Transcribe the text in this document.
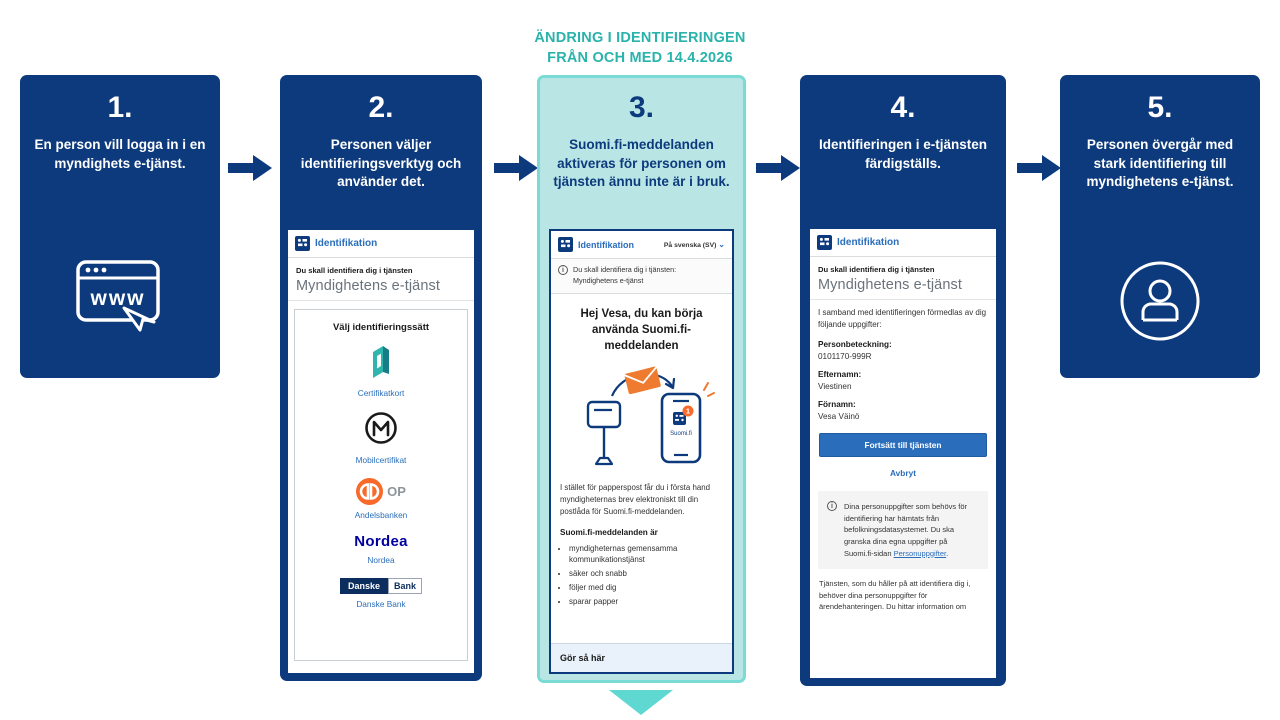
ÄNDRING I IDENTIFIERINGEN
FRÅN OCH MED 14.4.2026
1.
En person vill logga in i en myndighets e-tjänst.
www
2.
Personen väljer identifieringsverktyg och använder det.
Identifikation
Du skall identifiera dig i tjänsten
Myndighetens e-tjänst
Välj identifieringssätt
Certifikatkort
Mobilcertifikat
OP
Andelsbanken
Nordea
Nordea
Danske	Bank
Danske Bank
3.
Suomi.fi-meddelanden aktiveras för personen om tjänsten ännu inte är i bruk.
Identifikation	På svenska (SV) ⌄
i	Du skall identifiera dig i tjänsten:
Myndighetens e-tjänst
Hej Vesa, du kan börja använda Suomi.fi-meddelanden
1
Suomi.fi
I stället för papperspost får du i första hand myndigheternas brev elektroniskt till din postlåda för Suomi.fi-meddelanden.
Suomi.fi-meddelanden är
• myndigheternas gemensamma kommunikationstjänst
• säker och snabb
• följer med dig
• sparar papper
Gör så här
4.
Identifieringen i e-tjänsten färdigställs.
Identifikation
Du skall identifiera dig i tjänsten
Myndighetens e-tjänst
I samband med identifieringen förmedlas av dig följande uppgifter:
Personbeteckning:
0101170-999R
Efternamn:
Viestinen
Förnamn:
Vesa Väinö
Fortsätt till tjänsten
Avbryt
i	Dina personuppgifter som behövs för identifiering har hämtats från befolkningsdatasystemet. Du ska granska dina egna uppgifter på Suomi.fi-sidan Personuppgifter.
Tjänsten, som du håller på att identifiera dig i, behöver dina personuppgifter för ärendehanteringen. Du hittar information om
5.
Personen övergår med stark identifiering till myndighetens e-tjänst.
